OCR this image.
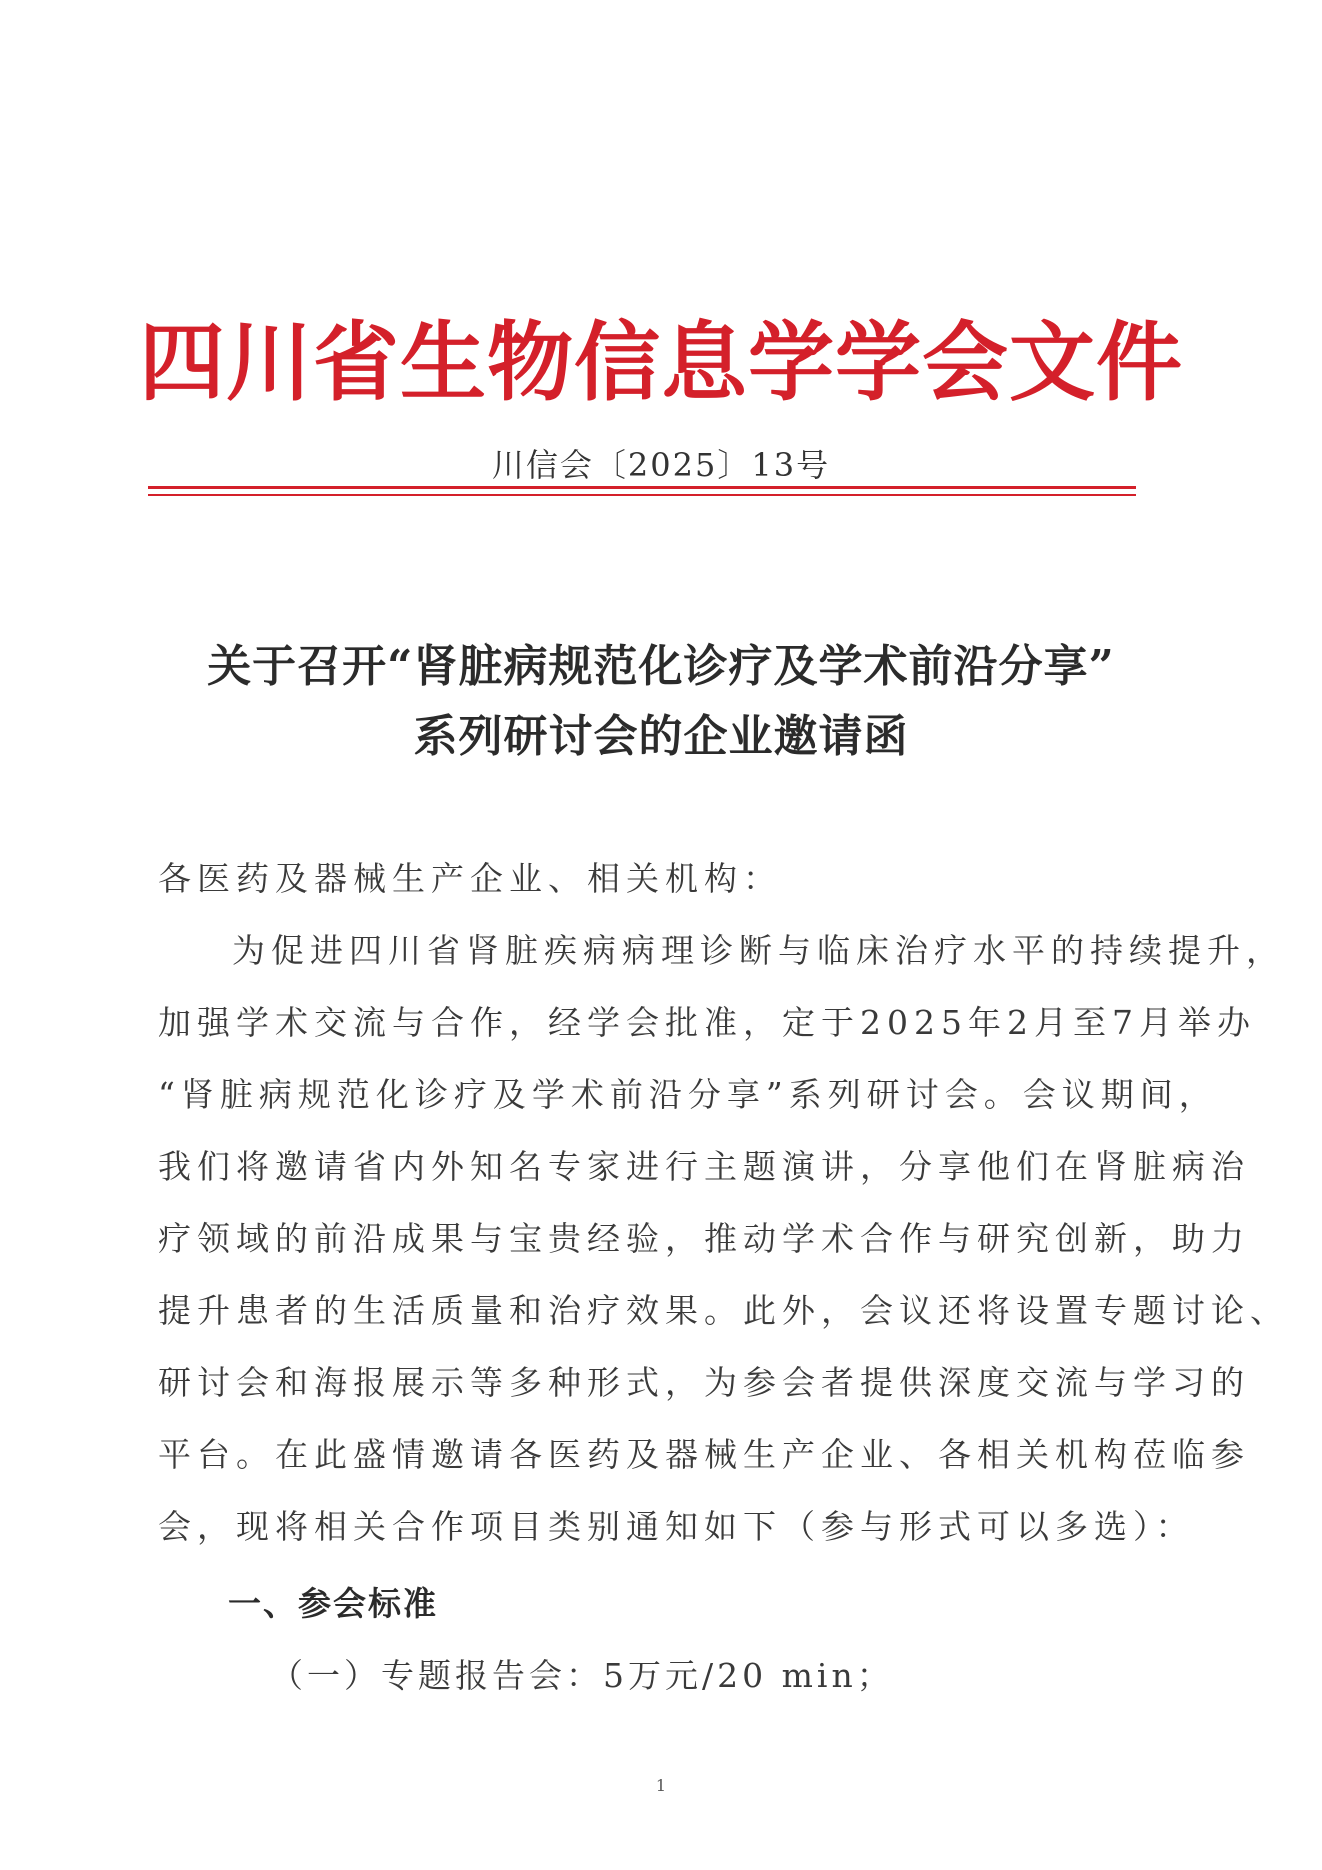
四川省生物信息学学会文件
川信会〔2025〕13号
关于召开“肾脏病规范化诊疗及学术前沿分享”
系列研讨会的企业邀请函
各医药及器械生产企业、相关机构：
为促进四川省肾脏疾病病理诊断与临床治疗水平的持续提升，
加强学术交流与合作，经学会批准，定于2025年2月至7月举办
“肾脏病规范化诊疗及学术前沿分享”系列研讨会。会议期间，
我们将邀请省内外知名专家进行主题演讲，分享他们在肾脏病治
疗领域的前沿成果与宝贵经验，推动学术合作与研究创新，助力
提升患者的生活质量和治疗效果。此外，会议还将设置专题讨论、
研讨会和海报展示等多种形式，为参会者提供深度交流与学习的
平台。在此盛情邀请各医药及器械生产企业、各相关机构莅临参
会，现将相关合作项目类别通知如下（参与形式可以多选）：
一、参会标准
（一）专题报告会：5万元/20 min；
1
